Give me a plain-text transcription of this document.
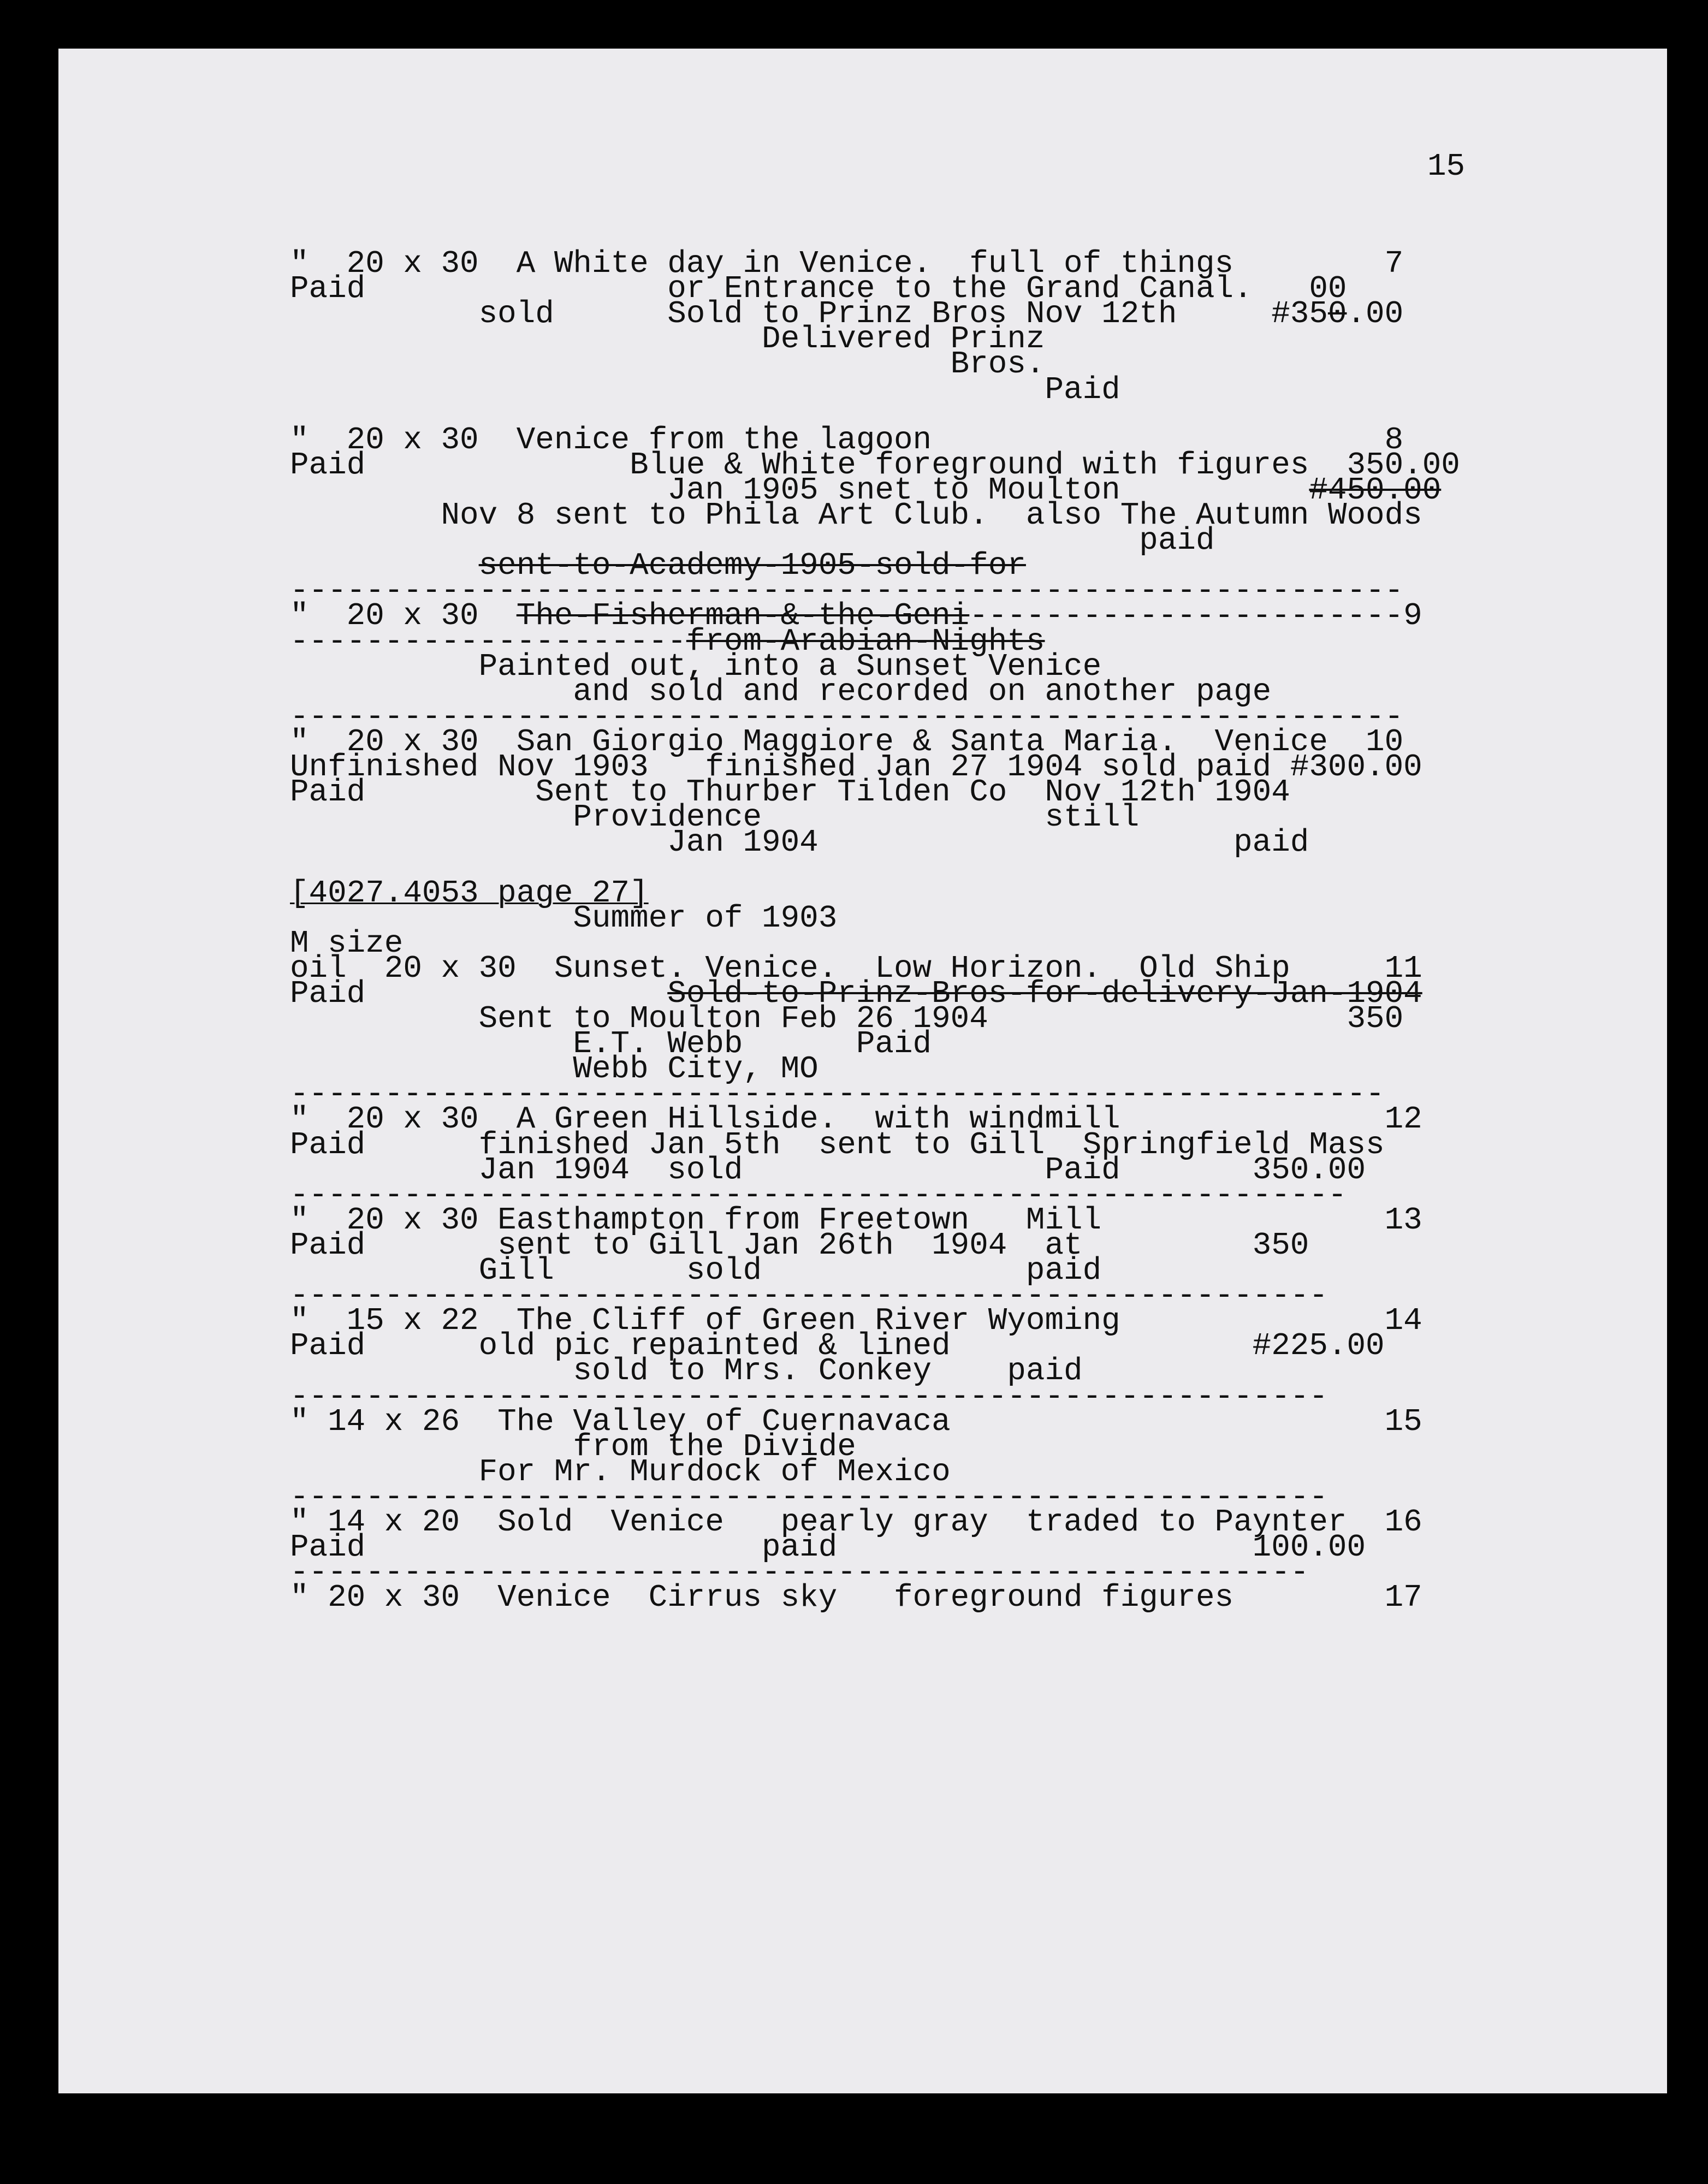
15

"  20 x 30  A White day in Venice.  full of things        7

Paid                or Entrance to the Grand Canal.   00

sold      Sold to Prinz Bros Nov 12th     #350.00

Delivered Prinz

Bros.

Paid

"  20 x 30  Venice from the lagoon                        8

Paid              Blue & White foreground with figures  350.00

Jan 1905 snet to Moulton          #450.00

Nov 8 sent to Phila Art Club.  also The Autumn Woods

paid

sent-to-Academy-1905-sold-for

-----------------------------------------------------------

"  20 x 30  The-Fisherman-&-the-Geni-----------------------9

---------------------from-Arabian-Nights

Painted out, into a Sunset Venice

and sold and recorded on another page

-----------------------------------------------------------

"  20 x 30  San Giorgio Maggiore & Santa Maria.  Venice  10

Unfinished Nov 1903   finished Jan 27 1904 sold paid #300.00

Paid         Sent to Thurber Tilden Co  Nov 12th 1904

Providence               still

Jan 1904                      paid

[4027.4053 page 27]

Summer of 1903

M size

oil  20 x 30  Sunset. Venice.  Low Horizon.  Old Ship     11

Paid                Sold-to-Prinz-Bros-for-delivery-Jan-1904

Sent to Moulton Feb 26 1904                   350

E.T. Webb      Paid

Webb City, MO

----------------------------------------------------------

"  20 x 30  A Green Hillside.  with windmill              12

Paid      finished Jan 5th  sent to Gill  Springfield Mass

Jan 1904  sold                Paid       350.00

--------------------------------------------------------

"  20 x 30 Easthampton from Freetown   Mill               13

Paid       sent to Gill Jan 26th  1904  at         350

Gill       sold              paid

-------------------------------------------------------

"  15 x 22  The Cliff of Green River Wyoming              14

Paid      old pic repainted & lined                #225.00

sold to Mrs. Conkey    paid

-------------------------------------------------------

" 14 x 26  The Valley of Cuernavaca                       15

from the Divide

For Mr. Murdock of Mexico

-------------------------------------------------------

" 14 x 20  Sold  Venice   pearly gray  traded to Paynter  16

Paid                     paid                      100.00

------------------------------------------------------

" 20 x 30  Venice  Cirrus sky   foreground figures        17
